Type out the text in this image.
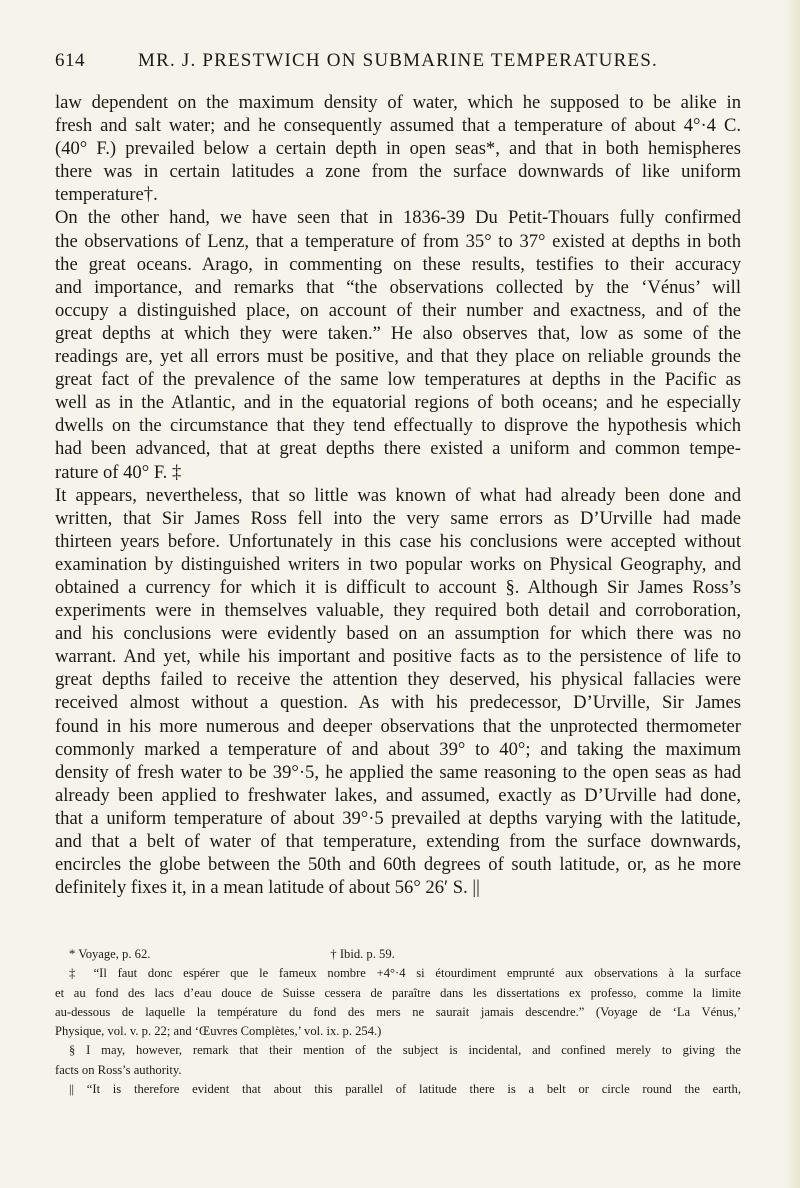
614	MR. J. PRESTWICH ON SUBMARINE TEMPERATURES.
law dependent on the maximum density of water, which he supposed to be alike in
fresh and salt water; and he consequently assumed that a temperature of about 4°·4 C.
(40° F.) prevailed below a certain depth in open seas*, and that in both hemispheres
there was in certain latitudes a zone from the surface downwards of like uniform
temperature†.
On the other hand, we have seen that in 1836-39 Du Petit-Thouars fully confirmed
the observations of Lenz, that a temperature of from 35° to 37° existed at depths in both
the great oceans. Arago, in commenting on these results, testifies to their accuracy
and importance, and remarks that “the observations collected by the ‘Vénus’ will
occupy a distinguished place, on account of their number and exactness, and of the
great depths at which they were taken.” He also observes that, low as some of the
readings are, yet all errors must be positive, and that they place on reliable grounds the
great fact of the prevalence of the same low temperatures at depths in the Pacific as
well as in the Atlantic, and in the equatorial regions of both oceans; and he especially
dwells on the circumstance that they tend effectually to disprove the hypothesis which
had been advanced, that at great depths there existed a uniform and common tempe-
rature of 40° F. ‡
It appears, nevertheless, that so little was known of what had already been done and
written, that Sir James Ross fell into the very same errors as D’Urville had made
thirteen years before. Unfortunately in this case his conclusions were accepted without
examination by distinguished writers in two popular works on Physical Geography, and
obtained a currency for which it is difficult to account §. Although Sir James Ross’s
experiments were in themselves valuable, they required both detail and corroboration,
and his conclusions were evidently based on an assumption for which there was no
warrant. And yet, while his important and positive facts as to the persistence of life to
great depths failed to receive the attention they deserved, his physical fallacies were
received almost without a question. As with his predecessor, D’Urville, Sir James
found in his more numerous and deeper observations that the unprotected thermometer
commonly marked a temperature of and about 39° to 40°; and taking the maximum
density of fresh water to be 39°·5, he applied the same reasoning to the open seas as had
already been applied to freshwater lakes, and assumed, exactly as D’Urville had done,
that a uniform temperature of about 39°·5 prevailed at depths varying with the latitude,
and that a belt of water of that temperature, extending from the surface downwards,
encircles the globe between the 50th and 60th degrees of south latitude, or, as he more
definitely fixes it, in a mean latitude of about 56° 26′ S. ||
* Voyage, p. 62.	† Ibid. p. 59.
‡ “Il faut donc espérer que le fameux nombre +4°·4 si étourdiment emprunté aux observations à la surface
et au fond des lacs d’eau douce de Suisse cessera de paraître dans les dissertations ex professo, comme la limite
au-dessous de laquelle la température du fond des mers ne saurait jamais descendre.” (Voyage de ‘La Vénus,’
Physique, vol. v. p. 22; and ‘Œuvres Complètes,’ vol. ix. p. 254.)
§ I may, however, remark that their mention of the subject is incidental, and confined merely to giving the
facts on Ross’s authority.
|| “It is therefore evident that about this parallel of latitude there is a belt or circle round the earth,
